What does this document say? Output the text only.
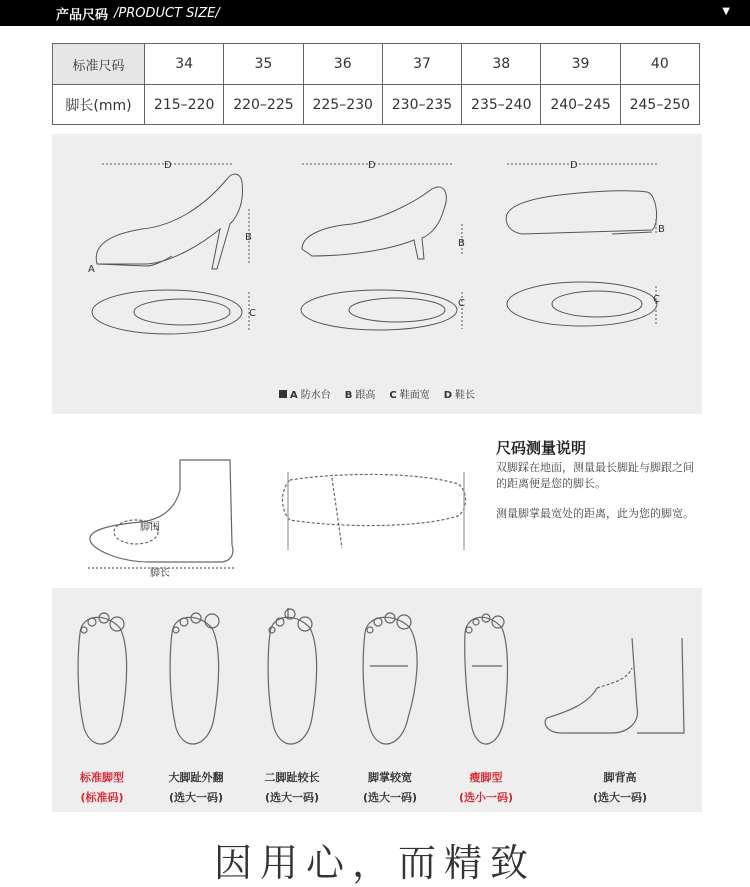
产品尺码 /PRODUCT SIZE/	▼
标准尺码	34	35	36	37	38	39	40
脚长(mm)	215–220	220–225	225–230	230–235	235–240	240–245	245–250
D	D	D
A
B
B
B
C
C	C
A 防水台 B 跟高 C 鞋面宽 D 鞋长
脚围
脚长
尺码测量说明
双脚踩在地面，测量最长脚趾与脚跟之间的距离便是您的脚长。
测量脚掌最宽处的距离，此为您的脚宽。
标准脚型
(标准码)
大脚趾外翻
(选大一码)
二脚趾较长
(选大一码)
脚掌较宽
(选大一码)
瘦脚型
(选小一码)
脚背高
(选大一码)
因用心，而精致
